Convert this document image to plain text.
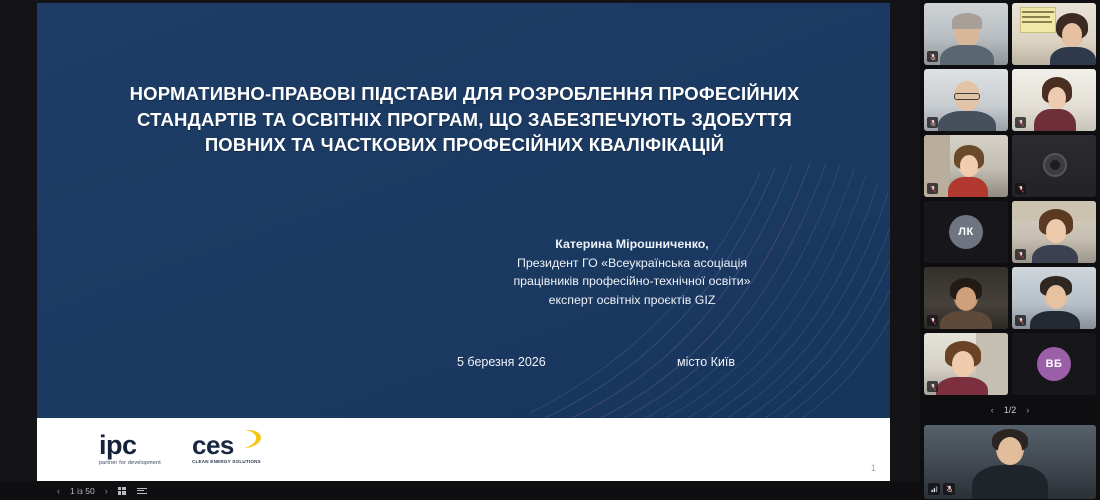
НОРМАТИВНО-ПРАВОВІ ПІДСТАВИ ДЛЯ РОЗРОБЛЕННЯ ПРОФЕСІЙНИХ СТАНДАРТІВ ТА ОСВІТНІХ ПРОГРАМ, ЩО ЗАБЕЗПЕЧУЮТЬ ЗДОБУТТЯ ПОВНИХ ТА ЧАСТКОВИХ ПРОФЕСІЙНИХ КВАЛІФІКАЦІЙ
Катерина Мірошниченко,
Президент ГО «Всеукраїнська асоціація
працівників професійно-технічної освіти»
експерт освітніх проєктів GIZ
5 березня 2026	місто Київ
ipc
partner for development
ces
CLEAN ENERGY SOLUTIONS
1
‹ 1 із 50 ›
ЛК
ВБ
‹ 1/2 ›
